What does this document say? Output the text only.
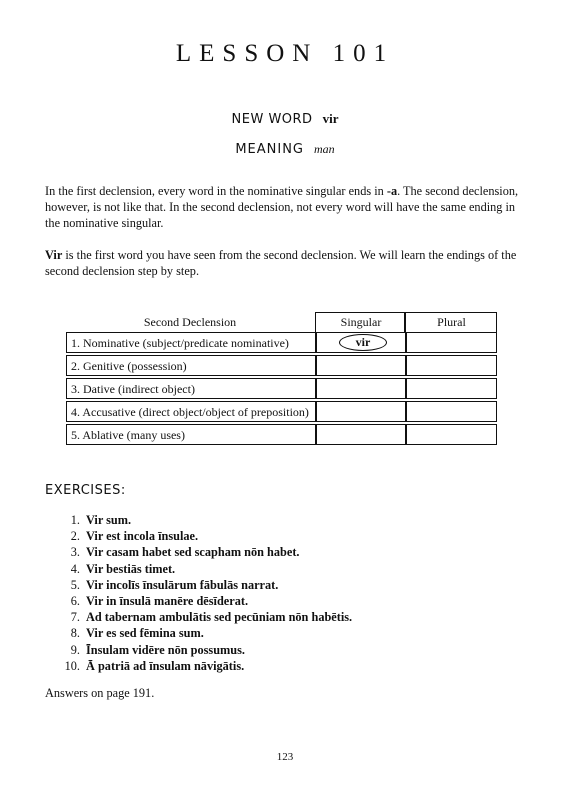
LESSON 101
NEW WORD vir
MEANING man
In the first declension, every word in the nominative singular ends in -a. The second declension, however, is not like that. In the second declension, not every word will have the same ending in the nominative singular.
Vir is the first word you have seen from the second declension. We will learn the endings of the second declension step by step.
Second Declension	Singular	Plural
1. Nominative (subject/predicate nominative)	vir
2. Genitive (possession)
3. Dative (indirect object)
4. Accusative (direct object/object of preposition)
5. Ablative (many uses)
EXERCISES:
1. Vir sum.
2. Vir est incola īnsulae.
3. Vir casam habet sed scapham nōn habet.
4. Vir bestiās timet.
5. Vir incolīs īnsulārum fābulās narrat.
6. Vir in īnsulā manēre dēsīderat.
7. Ad tabernam ambulātis sed pecūniam nōn habētis.
8. Vir es sed fēmina sum.
9. Īnsulam vidēre nōn possumus.
10. Ā patriā ad īnsulam nāvigātis.
Answers on page 191.
123
